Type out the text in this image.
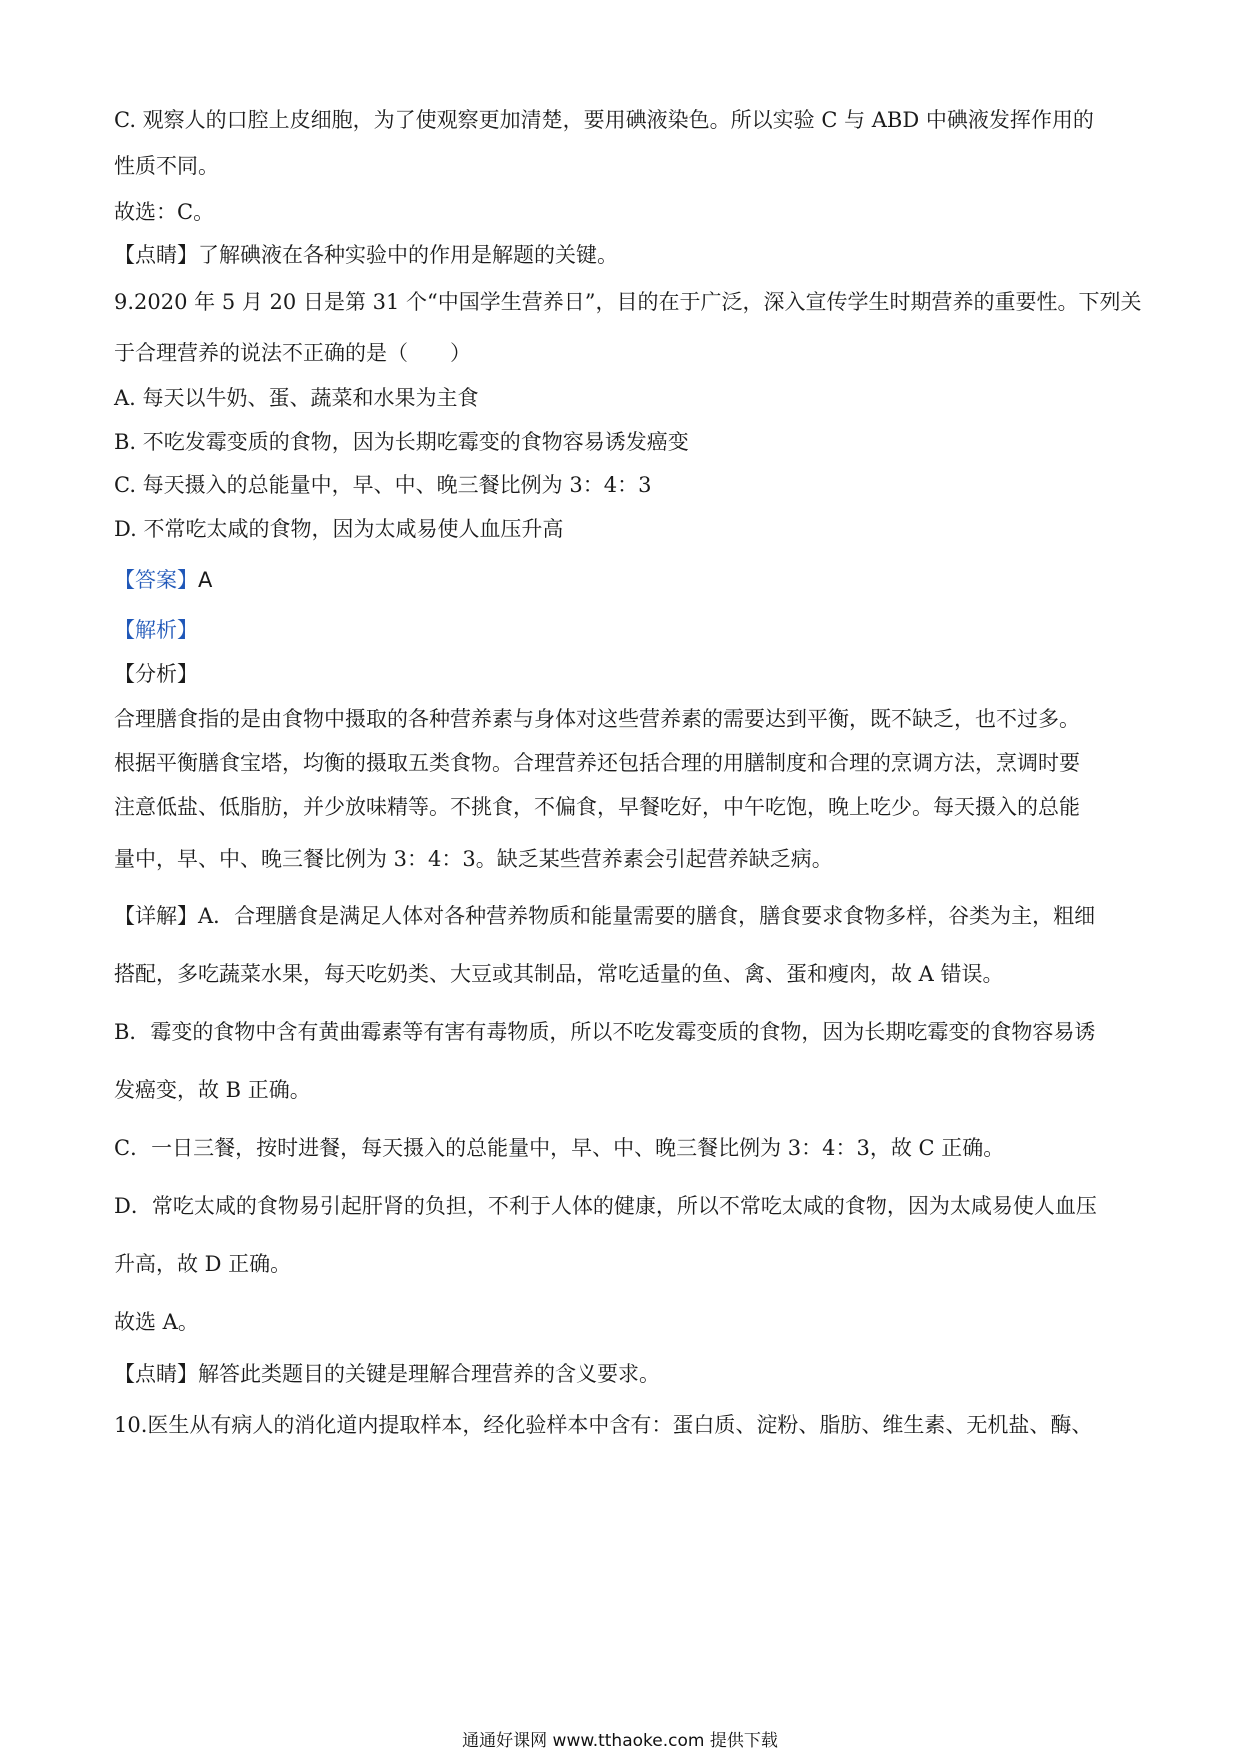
C. 观察人的口腔上皮细胞，为了使观察更加清楚，要用碘液染色。所以实验 C 与 ABD 中碘液发挥作用的
性质不同。
故选：C。
【点睛】了解碘液在各种实验中的作用是解题的关键。
9.2020 年 5 月 20 日是第 31 个“中国学生营养日”，目的在于广泛，深入宣传学生时期营养的重要性。下列关
于合理营养的说法不正确的是（　　）
A. 每天以牛奶、蛋、蔬菜和水果为主食
B. 不吃发霉变质的食物，因为长期吃霉变的食物容易诱发癌变
C. 每天摄入的总能量中，早、中、晚三餐比例为 3：4：3
D. 不常吃太咸的食物，因为太咸易使人血压升高
【答案】A
【解析】
【分析】
合理膳食指的是由食物中摄取的各种营养素与身体对这些营养素的需要达到平衡，既不缺乏，也不过多。
根据平衡膳食宝塔，均衡的摄取五类食物。合理营养还包括合理的用膳制度和合理的烹调方法，烹调时要
注意低盐、低脂肪，并少放味精等。不挑食，不偏食，早餐吃好，中午吃饱，晚上吃少。每天摄入的总能
量中，早、中、晚三餐比例为 3：4：3。缺乏某些营养素会引起营养缺乏病。
【详解】A．合理膳食是满足人体对各种营养物质和能量需要的膳食，膳食要求食物多样，谷类为主，粗细
搭配，多吃蔬菜水果，每天吃奶类、大豆或其制品，常吃适量的鱼、禽、蛋和瘦肉，故 A 错误。
B．霉变的食物中含有黄曲霉素等有害有毒物质，所以不吃发霉变质的食物，因为长期吃霉变的食物容易诱
发癌变，故 B 正确。
C．一日三餐，按时进餐，每天摄入的总能量中，早、中、晚三餐比例为 3：4：3，故 C 正确。
D．常吃太咸的食物易引起肝肾的负担，不利于人体的健康，所以不常吃太咸的食物，因为太咸易使人血压
升高，故 D 正确。
故选 A。
【点睛】解答此类题目的关键是理解合理营养的含义要求。
10.医生从有病人的消化道内提取样本，经化验样本中含有：蛋白质、淀粉、脂肪、维生素、无机盐、酶、
通通好课网 www.tthaoke.com 提供下载
